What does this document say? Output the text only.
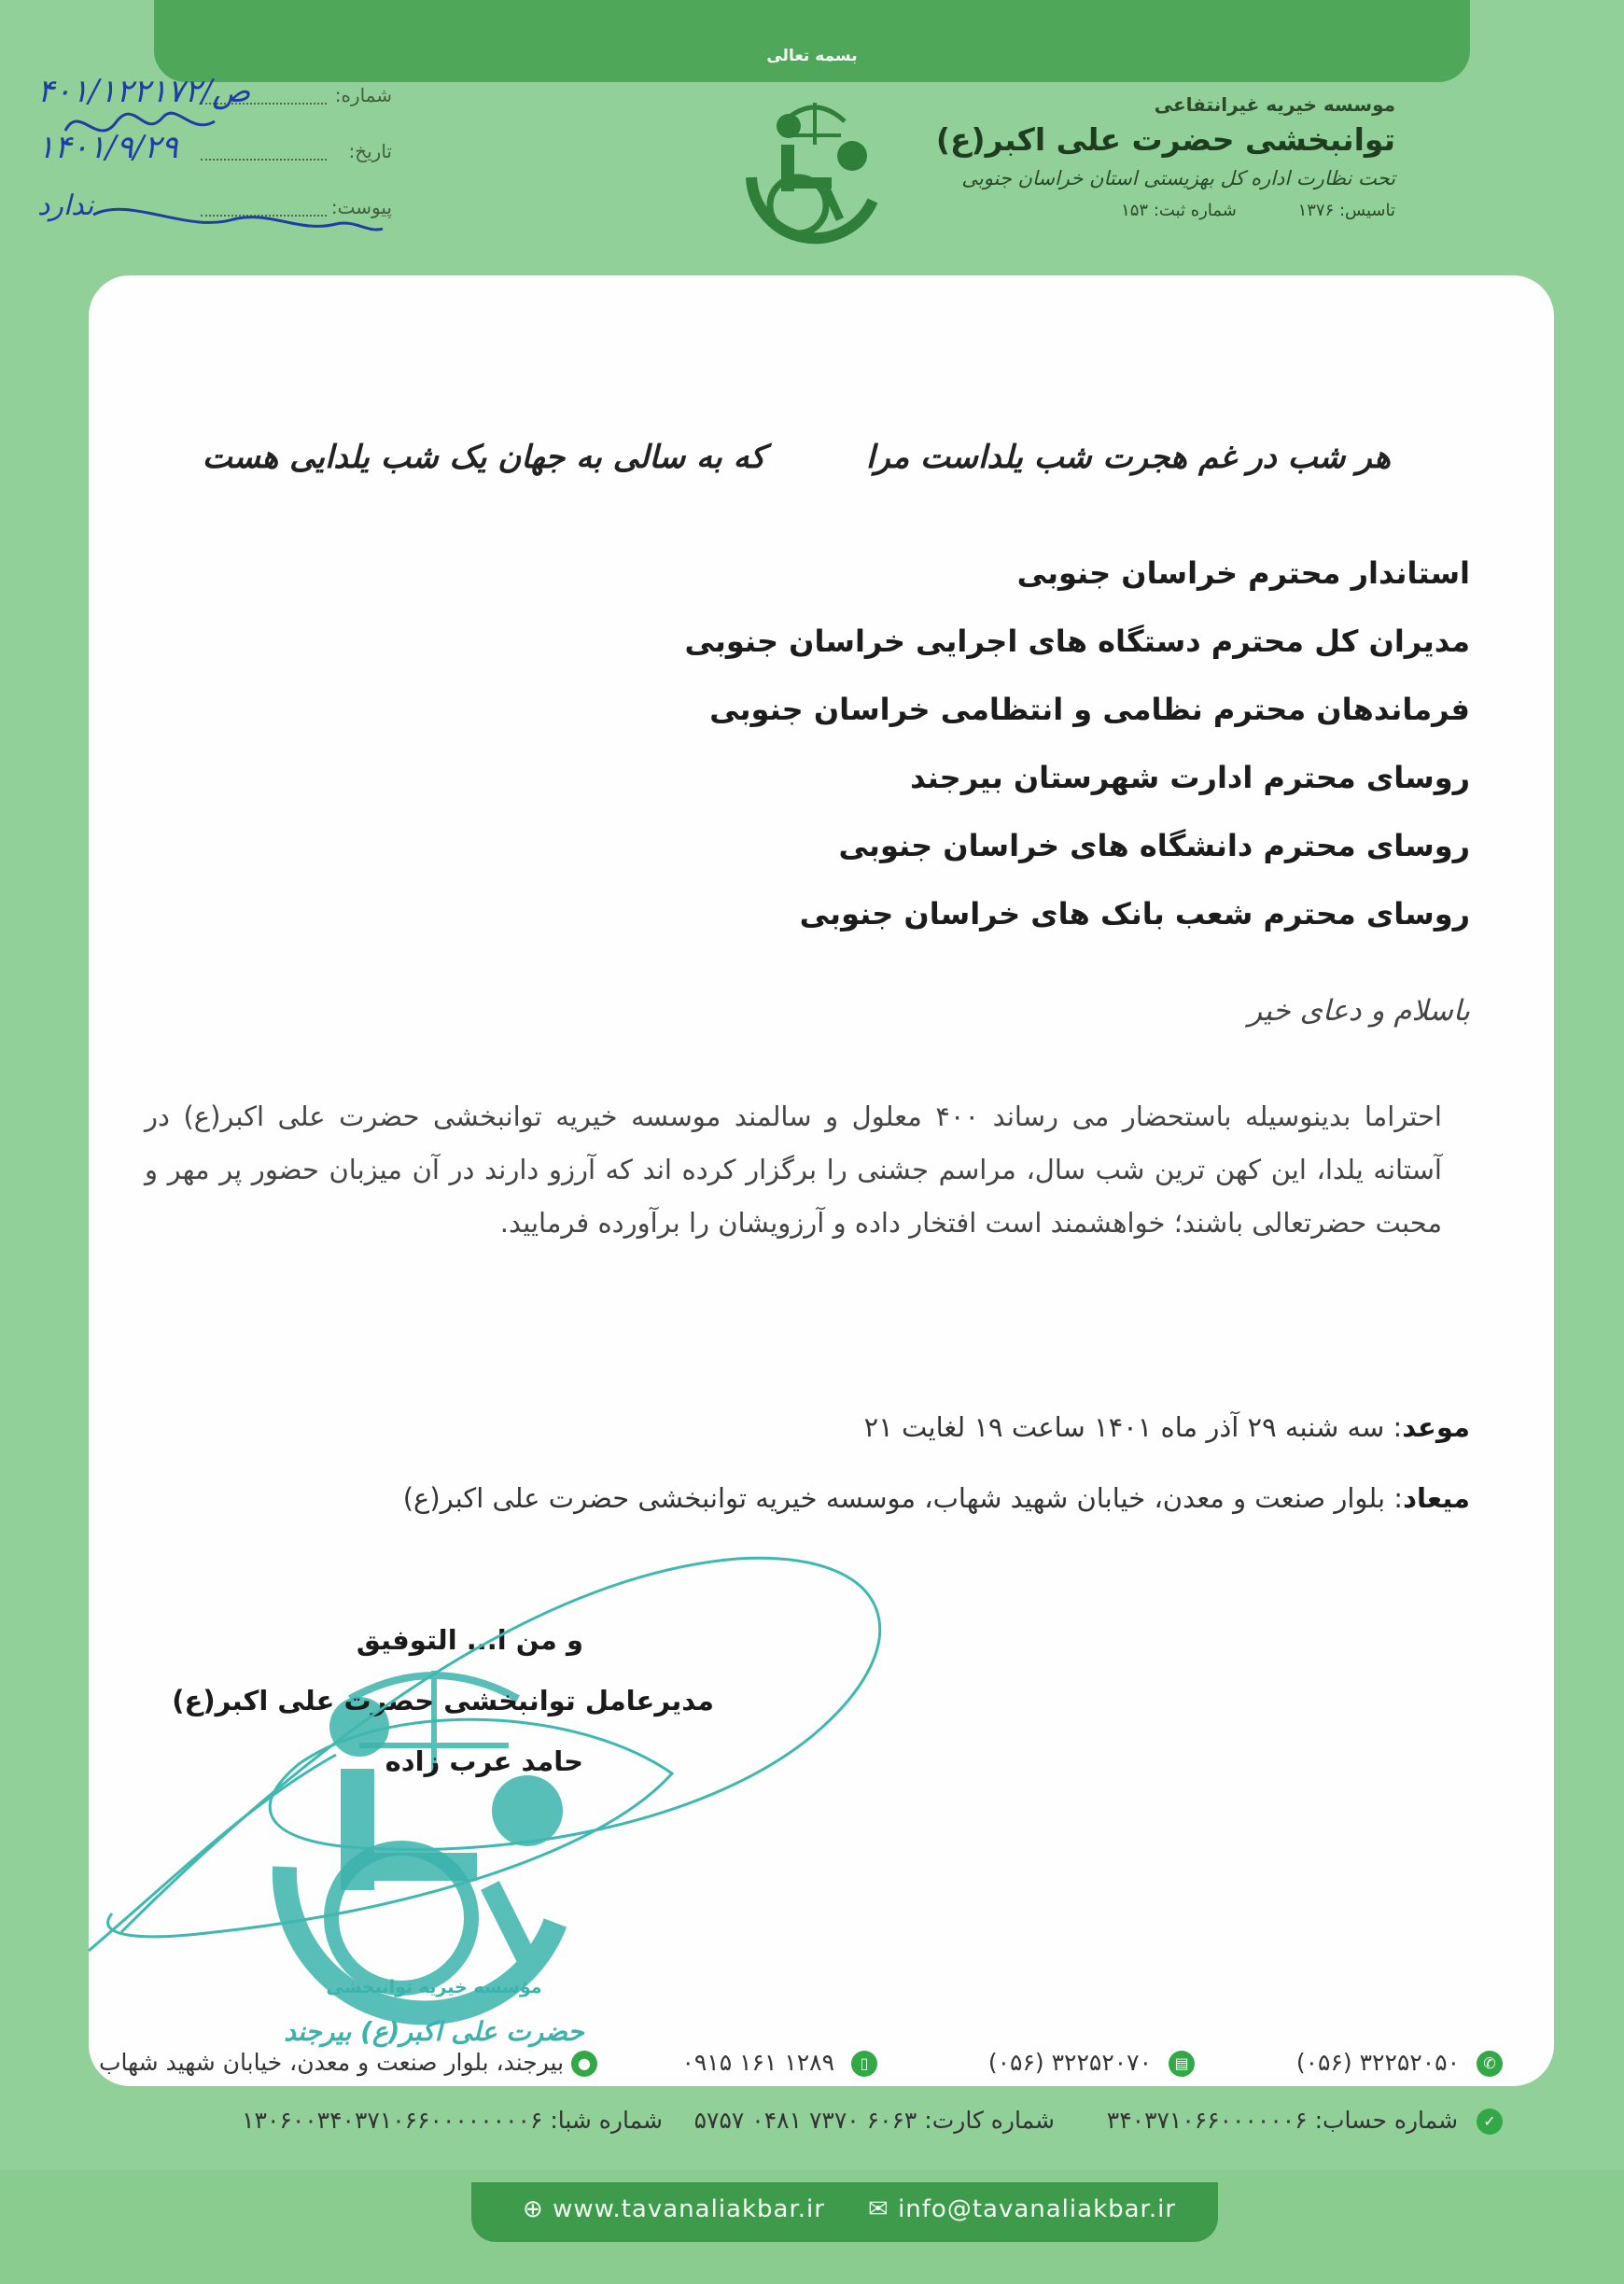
بسمه تعالی
شماره:
۴۰۱/ص/۱۲۲۱۷۲
تاریخ:
۱۴۰۱/۹/۲۹
پیوست:
ندارد
موسسه خیریه غیرانتفاعی
توانبخشی حضرت علی اکبر(ع)
تحت نظارت اداره کل بهزیستی استان خراسان جنوبی
تاسیس: ۱۳۷۶ شماره ثبت: ۱۵۳
هر شب در غم هجرت شب یلداست مرا
که به سالی به جهان یک شب یلدایی هست
استاندار محترم خراسان جنوبی
مدیران کل محترم دستگاه های اجرایی خراسان جنوبی
فرماندهان محترم نظامی و انتظامی خراسان جنوبی
روسای محترم ادارت شهرستان بیرجند
روسای محترم دانشگاه های خراسان جنوبی
روسای محترم شعب بانک های خراسان جنوبی
باسلام و دعای خیر
احتراما بدینوسیله باستحضار می رساند ۴۰۰ معلول و سالمند موسسه خیریه توانبخشی حضرت علی اکبر(ع) در آستانه یلدا، این کهن ترین شب سال، مراسم جشنی را برگزار کرده اند که آرزو دارند در آن میزبان حضور پر مهر و محبت حضرتعالی باشند؛ خواهشمند است افتخار داده و آرزویشان را برآورده فرمایید.
موعد: سه شنبه ۲۹ آذر ماه ۱۴۰۱ ساعت ۱۹ لغایت ۲۱
میعاد: بلوار صنعت و معدن، خیابان شهید شهاب، موسسه خیریه توانبخشی حضرت علی اکبر(ع)
مؤسسه خیریه توانبخشی
حضرت علی اکبر(ع) بیرجند
و من ا... التوفیق
مدیرعامل توانبخشی حضرت علی اکبر(ع)
حامد عرب زاده
(۰۵۶) ۳۲۲۵۲۰۵۰ ✆
(۰۵۶) ۳۲۲۵۲۰۷۰ ▤
۰۹۱۵ ۱۶۱ ۱۲۸۹ ▯
● بیرجند، بلوار صنعت و معدن، خیابان شهید شهاب
✓ شماره حساب: ۳۴۰۳۷۱۰۶۶۰۰۰۰۰۰۶
شماره کارت: ۶۰۶۳ ۷۳۷۰ ۰۴۸۱ ۵۷۵۷
شماره شبا: ۱۳۰۶۰۰۳۴۰۳۷۱۰۶۶۰۰۰۰۰۰۰۰۶
⊕ www.tavanaliakbar.ir ✉ info@tavanaliakbar.ir
